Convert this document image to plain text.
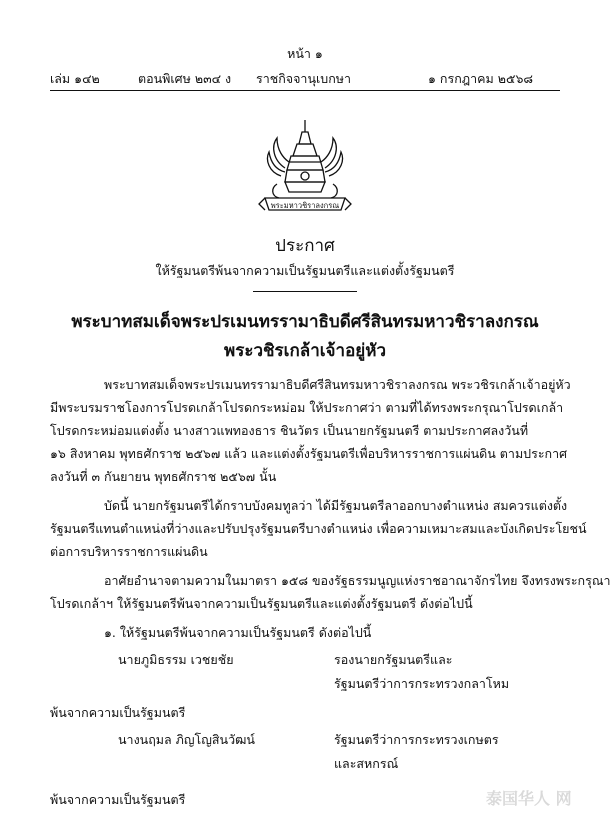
หน้า ๑
เล่ม ๑๔๒	ตอนพิเศษ ๒๓๔ ง ราชกิจจานุเบกษา	๑ กรกฎาคม ๒๕๖๘
พระมหาวชิราลงกรณ
ประกาศ
ให้รัฐมนตรีพ้นจากความเป็นรัฐมนตรีและแต่งตั้งรัฐมนตรี
พระบาทสมเด็จพระปรเมนทรรามาธิบดีศรีสินทรมหาวชิราลงกรณ
พระวชิรเกล้าเจ้าอยู่หัว
พระบาทสมเด็จพระปรเมนทรรามาธิบดีศรีสินทรมหาวชิราลงกรณ พระวชิรเกล้าเจ้าอยู่หัว
มีพระบรมราชโองการโปรดเกล้าโปรดกระหม่อม ให้ประกาศว่า ตามที่ได้ทรงพระกรุณาโปรดเกล้า
โปรดกระหม่อมแต่งตั้ง นางสาวแพทองธาร ชินวัตร เป็นนายกรัฐมนตรี ตามประกาศลงวันที่
๑๖ สิงหาคม พุทธศักราช ๒๕๖๗ แล้ว และแต่งตั้งรัฐมนตรีเพื่อบริหารราชการแผ่นดิน ตามประกาศ
ลงวันที่ ๓ กันยายน พุทธศักราช ๒๕๖๗ นั้น
บัดนี้ นายกรัฐมนตรีได้กราบบังคมทูลว่า ได้มีรัฐมนตรีลาออกบางตำแหน่ง สมควรแต่งตั้ง
รัฐมนตรีแทนตำแหน่งที่ว่างและปรับปรุงรัฐมนตรีบางตำแหน่ง เพื่อความเหมาะสมและบังเกิดประโยชน์
ต่อการบริหารราชการแผ่นดิน
อาศัยอำนาจตามความในมาตรา ๑๕๘ ของรัฐธรรมนูญแห่งราชอาณาจักรไทย จึงทรงพระกรุณา
โปรดเกล้าฯ ให้รัฐมนตรีพ้นจากความเป็นรัฐมนตรีและแต่งตั้งรัฐมนตรี ดังต่อไปนี้
๑. ให้รัฐมนตรีพ้นจากความเป็นรัฐมนตรี ดังต่อไปนี้
นายภูมิธรรม เวชยชัย	รองนายกรัฐมนตรีและ
รัฐมนตรีว่าการกระทรวงกลาโหม
พ้นจากความเป็นรัฐมนตรี
นางนฤมล ภิญโญสินวัฒน์	รัฐมนตรีว่าการกระทรวงเกษตร
และสหกรณ์
พ้นจากความเป็นรัฐมนตรี	泰国华人 网
